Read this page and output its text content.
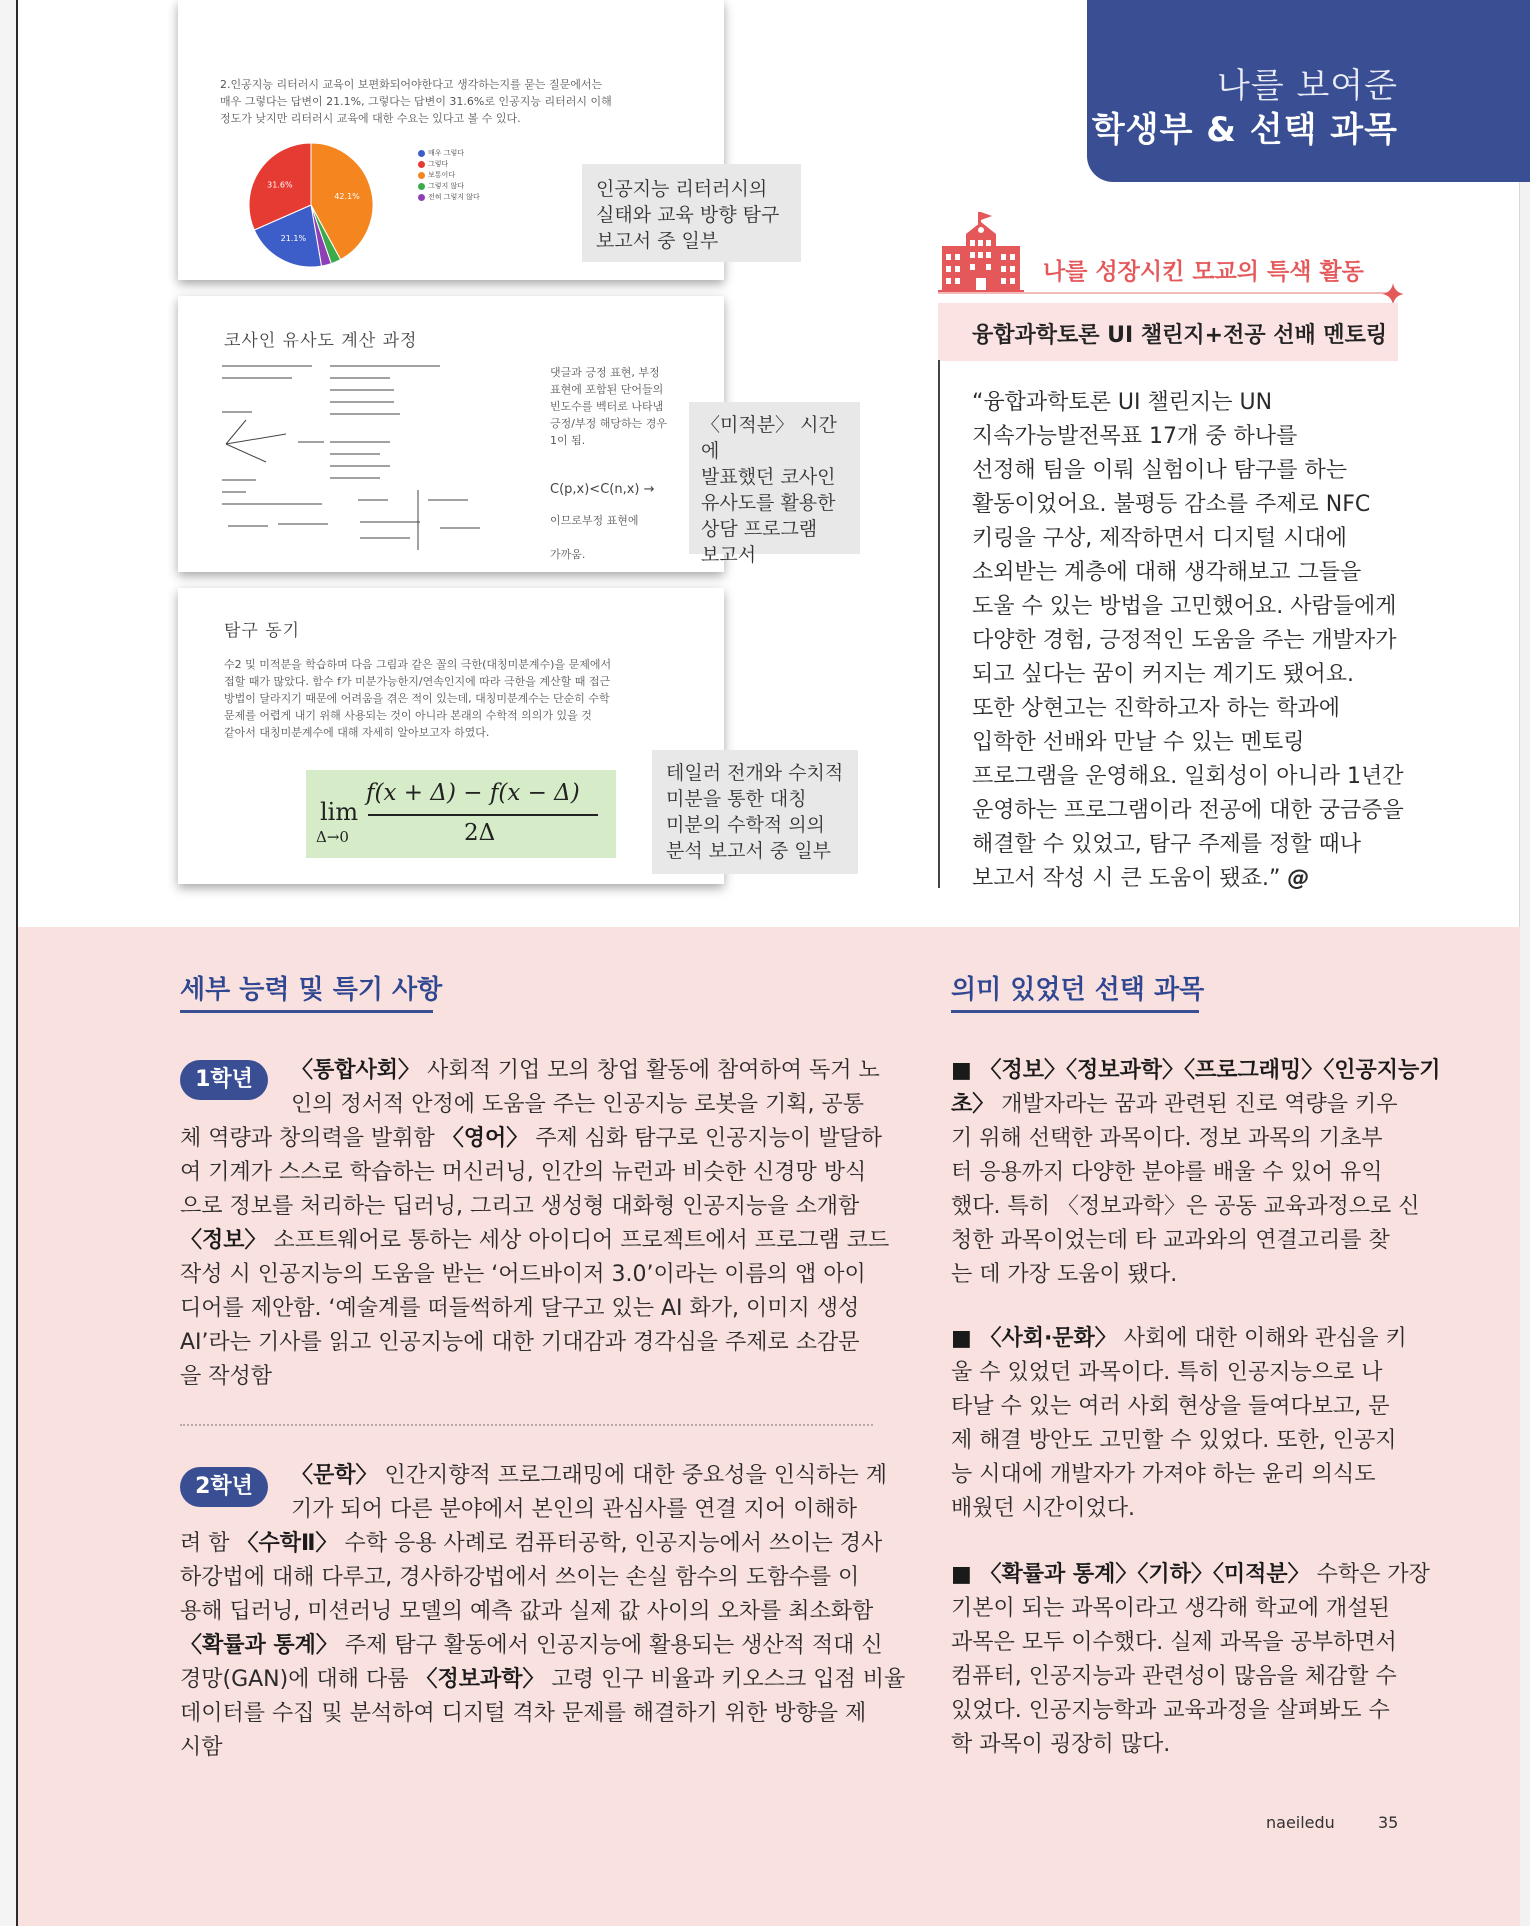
나를 보여준
학생부 & 선택 과목
2.인공지능 리터러시 교육이 보편화되어야한다고 생각하는지를 묻는 질문에서는
매우 그렇다는 답변이 21.1%, 그렇다는 답변이 31.6%로 인공지능 리터러시 이해
정도가 낮지만 리터러시 교육에 대한 수요는 있다고 볼 수 있다.
42.1%
21.1%
31.6%
매우 그렇다
그렇다
보통이다
그렇지 않다
전혀 그렇지 않다	인공지능 리터러시의

실태와 교육 방향 탐구

보고서 중 일부

코사인 유사도 계산 과정
댓글과 긍정 표현, 부정
표현에 포함된 단어들의
빈도수를 벡터로 나타냄
긍정/부정 해당하는 경우
1이 됨.
C(p,x)<C(n,x) →
이므로부정 표현에
가까움.

〈미적분〉 시간에

발표했던 코사인

유사도를 활용한

상담 프로그램

보고서

탐구 동기
수2 및 미적분을 학습하며 다음 그림과 같은 꼴의 극한(대칭미분계수)을 문제에서
접할 때가 많았다. 함수 f가 미분가능한지/연속인지에 따라 극한을 계산할 때 접근
방법이 달라지기 때문에 어려움을 겪은 적이 있는데, 대칭미분계수는 단순히 수학
문제를 어렵게 내기 위해 사용되는 것이 아니라 본래의 수학적 의의가 있을 것
같아서 대칭미분계수에 대해 자세히 알아보고자 하였다.
lim
Δ→0
f(x + Δ) − f(x − Δ)
2Δ

테일러 전개와 수치적

미분을 통한 대칭

미분의 수학적 의의

분석 보고서 중 일부

나를 성장시킨 모교의 특색 활동
융합과학토론 UI 챌린지+전공 선배 멘토링

“융합과학토론 UI 챌린지는 UN

지속가능발전목표 17개 중 하나를

선정해 팀을 이뤄 실험이나 탐구를 하는

활동이었어요. 불평등 감소를 주제로 NFC

키링을 구상, 제작하면서 디지털 시대에

소외받는 계층에 대해 생각해보고 그들을

도울 수 있는 방법을 고민했어요. 사람들에게

다양한 경험, 긍정적인 도움을 주는 개발자가

되고 싶다는 꿈이 커지는 계기도 됐어요.

또한 상현고는 진학하고자 하는 학과에

입학한 선배와 만날 수 있는 멘토링

프로그램을 운영해요. 일회성이 아니라 1년간

운영하는 프로그램이라 전공에 대한 궁금증을

해결할 수 있었고, 탐구 주제를 정할 때나

보고서 작성 시 큰 도움이 됐죠.” @

세부 능력 및 특기 사항	의미 있었던 선택 과목
1학년	〈통합사회〉 사회적 기업 모의 창업 활동에 참여하여 독거 노

인의 정서적 안정에 도움을 주는 인공지능 로봇을 기획, 공통

체 역량과 창의력을 발휘함 〈영어〉 주제 심화 탐구로 인공지능이 발달하

여 기계가 스스로 학습하는 머신러닝, 인간의 뉴런과 비슷한 신경망 방식

으로 정보를 처리하는 딥러닝, 그리고 생성형 대화형 인공지능을 소개함

〈정보〉 소프트웨어로 통하는 세상 아이디어 프로젝트에서 프로그램 코드

작성 시 인공지능의 도움을 받는 ‘어드바이저 3.0’이라는 이름의 앱 아이

디어를 제안함. ‘예술계를 떠들썩하게 달구고 있는 AI 화가, 이미지 생성

AI’라는 기사를 읽고 인공지능에 대한 기대감과 경각심을 주제로 소감문

을 작성함

2학년	〈문학〉 인간지향적 프로그래밍에 대한 중요성을 인식하는 계

기가 되어 다른 분야에서 본인의 관심사를 연결 지어 이해하

려 함 〈수학Ⅱ〉 수학 응용 사례로 컴퓨터공학, 인공지능에서 쓰이는 경사

하강법에 대해 다루고, 경사하강법에서 쓰이는 손실 함수의 도함수를 이

용해 딥러닝, 미션러닝 모델의 예측 값과 실제 값 사이의 오차를 최소화함

〈확률과 통계〉 주제 탐구 활동에서 인공지능에 활용되는 생산적 적대 신

경망(GAN)에 대해 다룸 〈정보과학〉 고령 인구 비율과 키오스크 입점 비율

데이터를 수집 및 분석하여 디지털 격차 문제를 해결하기 위한 방향을 제

시함

■ 〈정보〉〈정보과학〉〈프로그래밍〉〈인공지능기

초〉 개발자라는 꿈과 관련된 진로 역량을 키우

기 위해 선택한 과목이다. 정보 과목의 기초부

터 응용까지 다양한 분야를 배울 수 있어 유익

했다. 특히 〈정보과학〉은 공동 교육과정으로 신

청한 과목이었는데 타 교과와의 연결고리를 찾

는 데 가장 도움이 됐다.

■ 〈사회·문화〉 사회에 대한 이해와 관심을 키

울 수 있었던 과목이다. 특히 인공지능으로 나

타날 수 있는 여러 사회 현상을 들여다보고, 문

제 해결 방안도 고민할 수 있었다. 또한, 인공지

능 시대에 개발자가 가져야 하는 윤리 의식도

배웠던 시간이었다.

■ 〈확률과 통계〉〈기하〉〈미적분〉 수학은 가장

기본이 되는 과목이라고 생각해 학교에 개설된

과목은 모두 이수했다. 실제 과목을 공부하면서

컴퓨터, 인공지능과 관련성이 많음을 체감할 수

있었다. 인공지능학과 교육과정을 살펴봐도 수

학 과목이 굉장히 많다.

naeiledu	35
